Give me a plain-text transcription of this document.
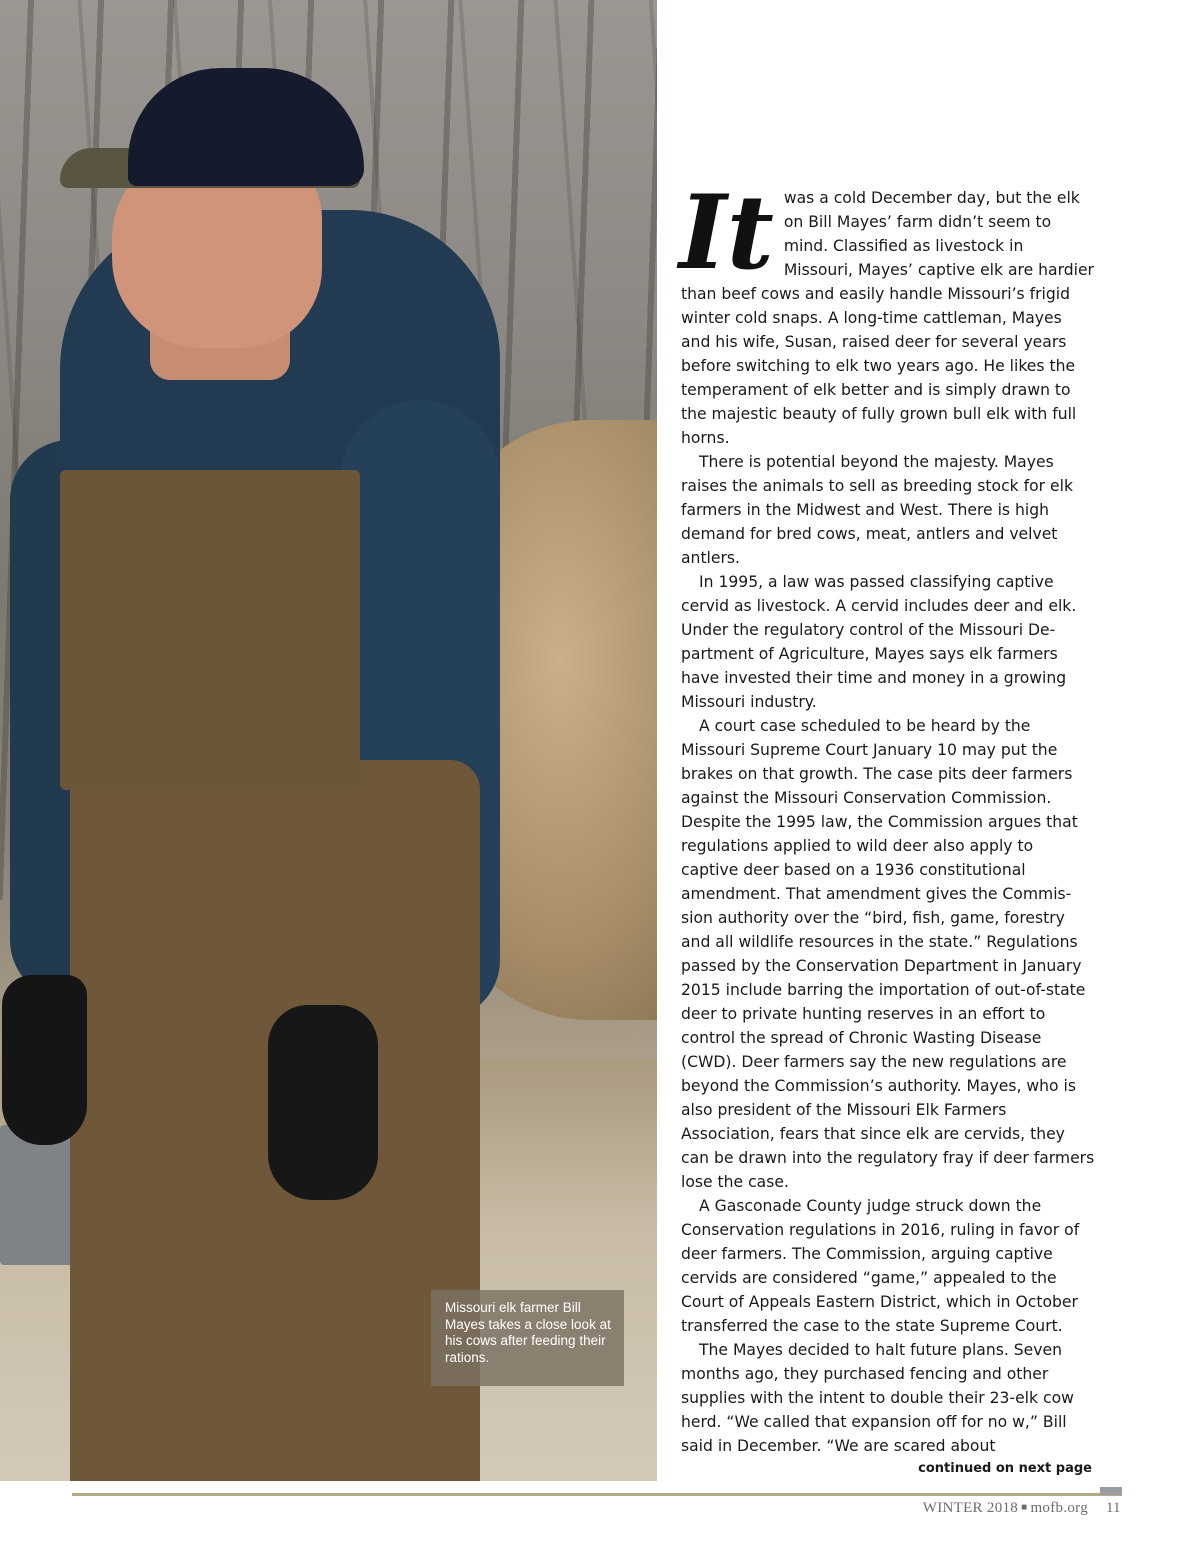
Missouri elk farmer Bill Mayes takes a close look at his cows after feeding their rations.
It was a cold December day, but the elk on Bill Mayes’ farm didn’t seem to mind. Classified as livestock in Missouri, Mayes’ captive elk are hardier than beef cows and easily handle Missouri’s frigid winter cold snaps. A long-time cattleman, Mayes and his wife, Susan, raised deer for several years before switching to elk two years ago. He likes the temperament of elk better and is simply drawn to the majestic beauty of fully grown bull elk with full horns.

There is potential beyond the majesty. Mayes raises the animals to sell as breeding stock for elk farmers in the Midwest and West. There is high demand for bred cows, meat, antlers and velvet antlers.

In 1995, a law was passed classifying captive cervid as livestock. A cervid includes deer and elk. Under the regulatory control of the Missouri Department of Agriculture, Mayes says elk farmers have invested their time and money in a growing Missouri industry.

A court case scheduled to be heard by the Missouri Supreme Court January 10 may put the brakes on that growth. The case pits deer farmers against the Missouri Conservation Commission. Despite the 1995 law, the Commission argues that regulations applied to wild deer also apply to captive deer based on a 1936 constitutional amendment. That amendment gives the Commission authority over the “bird, fish, game, forestry and all wildlife resources in the state.” Regulations passed by the Conservation Department in January 2015 include barring the importation of out-of-state deer to private hunting reserves in an effort to control the spread of Chronic Wasting Disease (CWD). Deer farmers say the new regulations are beyond the Commission’s authority. Mayes, who is also president of the Missouri Elk Farmers Association, fears that since elk are cervids, they can be drawn into the regulatory fray if deer farmers lose the case.

A Gasconade County judge struck down the Conservation regulations in 2016, ruling in favor of deer farmers. The Commission, arguing captive cervids are considered “game,” appealed to the Court of Appeals Eastern District, which in October transferred the case to the state Supreme Court.

The Mayes decided to halt future plans. Seven months ago, they purchased fencing and other supplies with the intent to double their 23-elk cow herd. “We called that expansion off for no w,” Bill said in December. “We are scared about

continued on next page
WINTER 2018 ■ mofb.org 11
